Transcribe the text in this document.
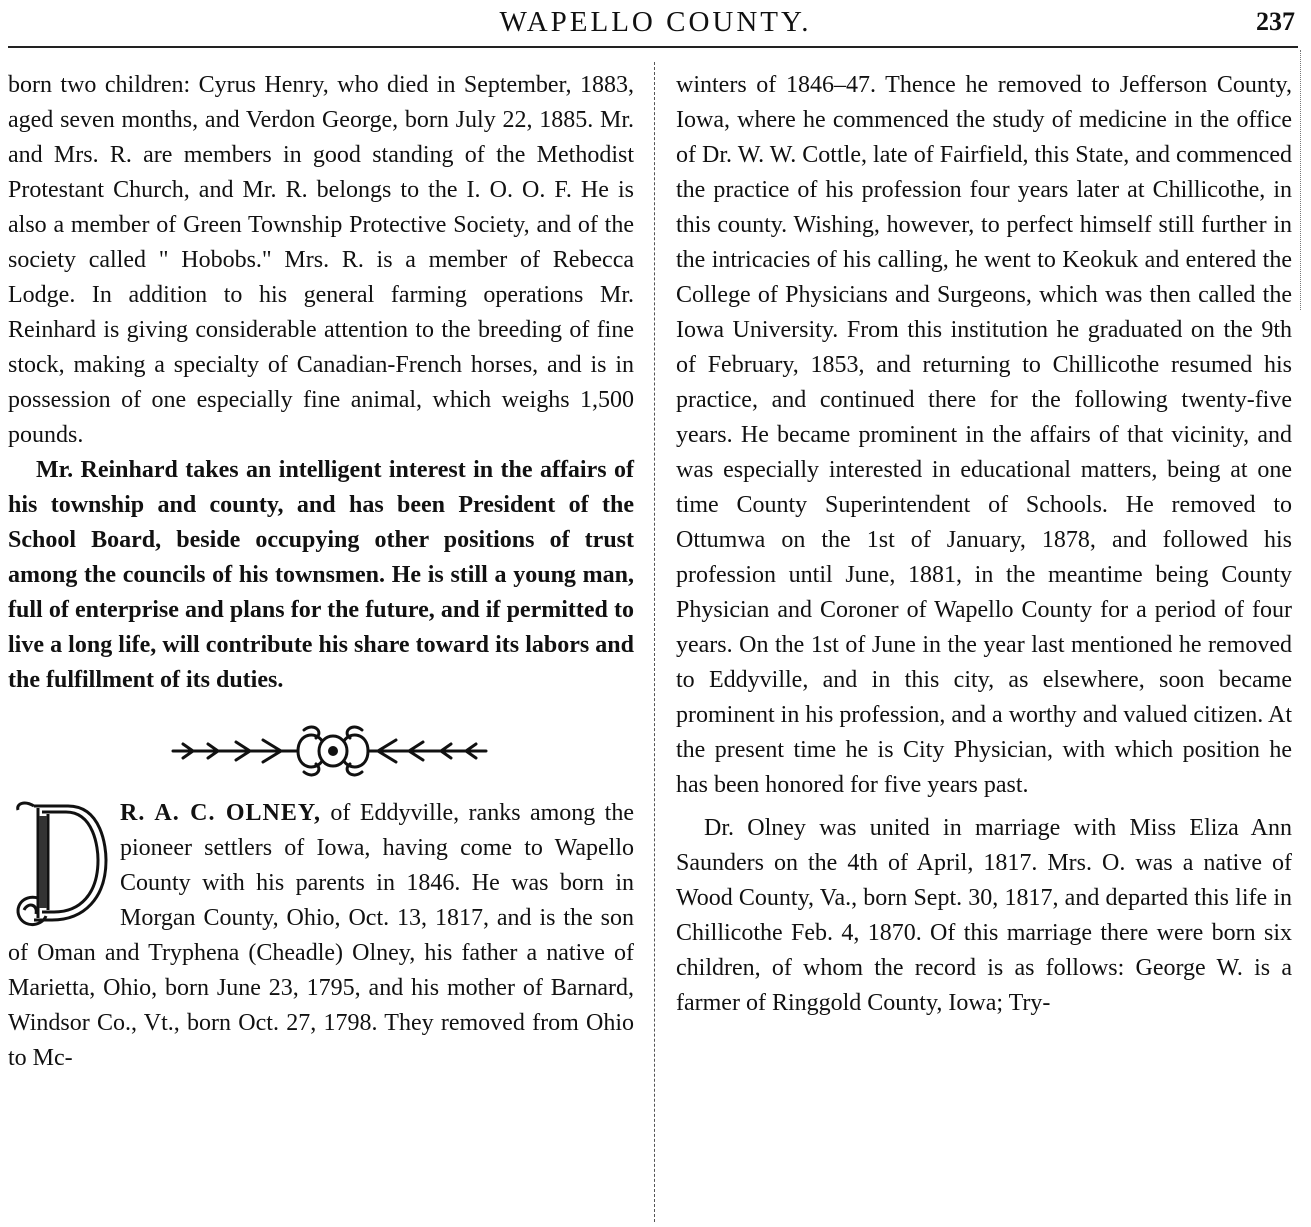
WAPELLO COUNTY.	237

born two children: Cyrus Henry, who died in September, 1883, aged seven months, and Verdon George, born July 22, 1885. Mr. and Mrs. R. are members in good standing of the Methodist Protestant Church, and Mr. R. belongs to the I. O. O. F. He is also a member of Green Township Protective Society, and of the society called " Hobobs." Mrs. R. is a member of Rebecca Lodge. In addition to his general farming operations Mr. Reinhard is giving considerable attention to the breeding of fine stock, making a specialty of Canadian-French horses, and is in possession of one especially fine animal, which weighs 1,500 pounds.

Mr. Reinhard takes an intelligent interest in the affairs of his township and county, and has been President of the School Board, beside occupying other positions of trust among the councils of his townsmen. He is still a young man, full of enterprise and plans for the future, and if permitted to live a long life, will contribute his share toward its labors and the fulfillment of its duties.

R. A. C. OLNEY, of Eddyville, ranks among the pioneer settlers of Iowa, having come to Wapello County with his parents in 1846. He was born in Morgan County, Ohio, Oct. 13, 1817, and is the son of Oman and Tryphena (Cheadle) Olney, his father a native of Marietta, Ohio, born June 23, 1795, and his mother of Barnard, Windsor Co., Vt., born Oct. 27, 1798. They removed from Ohio to Mc-

winters of 1846–47. Thence he removed to Jefferson County, Iowa, where he commenced the study of medicine in the office of Dr. W. W. Cottle, late of Fairfield, this State, and commenced the practice of his profession four years later at Chillicothe, in this county. Wishing, however, to perfect himself still further in the intricacies of his calling, he went to Keokuk and entered the College of Physicians and Surgeons, which was then called the Iowa University. From this institution he graduated on the 9th of February, 1853, and returning to Chillicothe resumed his practice, and continued there for the following twenty-five years. He became prominent in the affairs of that vicinity, and was especially interested in educational matters, being at one time County Superintendent of Schools. He removed to Ottumwa on the 1st of January, 1878, and followed his profession until June, 1881, in the meantime being County Physician and Coroner of Wapello County for a period of four years. On the 1st of June in the year last mentioned he removed to Eddyville, and in this city, as elsewhere, soon became prominent in his profession, and a worthy and valued citizen. At the present time he is City Physician, with which position he has been honored for five years past.

Dr. Olney was united in marriage with Miss Eliza Ann Saunders on the 4th of April, 1817. Mrs. O. was a native of Wood County, Va., born Sept. 30, 1817, and departed this life in Chillicothe Feb. 4, 1870. Of this marriage there were born six children, of whom the record is as follows: George W. is a farmer of Ringgold County, Iowa; Try-
